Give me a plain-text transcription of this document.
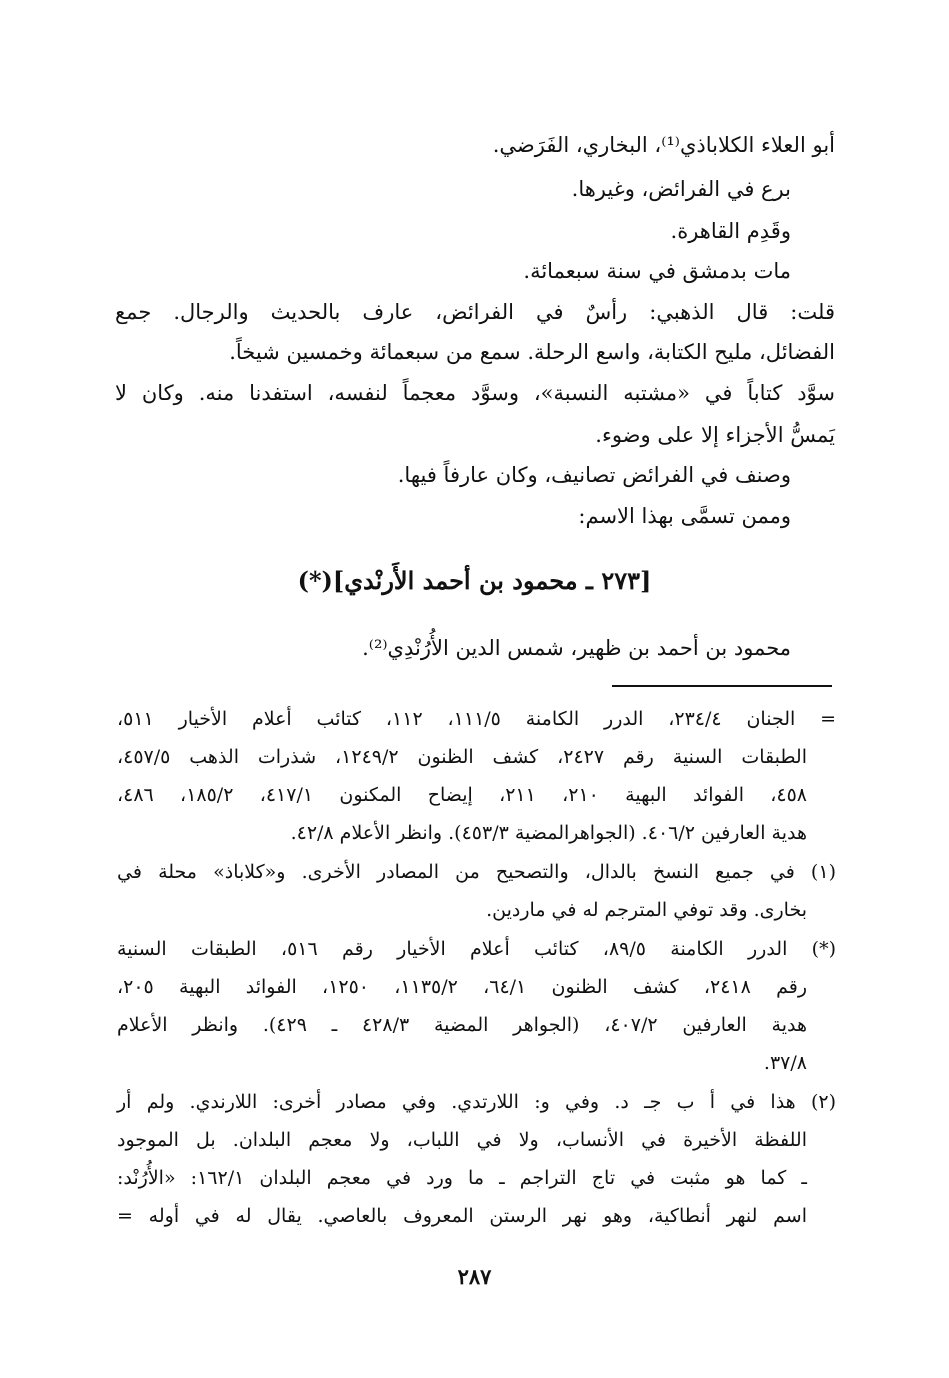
أبو العلاء الكلاباذي⁽¹⁾، البخاري، الفَرَضي.
برع في الفرائض، وغيرها.
وقَدِم القاهرة.
مات بدمشق في سنة سبعمائة.
قلت: قال الذهبي: رأسٌ في الفرائض، عارف بالحديث والرجال. جمع
الفضائل، مليح الكتابة، واسع الرحلة. سمع من سبعمائة وخمسين شيخاً.
سوَّد كتاباً في «مشتبه النسبة»، وسوَّد معجماً لنفسه، استفدنا منه. وكان لا
يَمسُّ الأجزاء إلا على وضوء.
وصنف في الفرائض تصانيف، وكان عارفاً فيها.
وممن تسمَّى بهذا الاسم:
[٢٧٣ ـ محمود بن أحمد الأَرنْدي](*)
محمود بن أحمد بن ظهير، شمس الدين الأُرُنْدِي⁽²⁾.
= الجنان ٢٣٤/٤، الدرر الكامنة ١١١/٥، ١١٢، كتائب أعلام الأخيار ٥١١،
الطبقات السنية رقم ٢٤٢٧، كشف الظنون ١٢٤٩/٢، شذرات الذهب ٤٥٧/٥،
٤٥٨، الفوائد البهية ٢١٠، ٢١١، إيضاح المكنون ٤١٧/١، ١٨٥/٢، ٤٨٦،
هدية العارفين ٤٠٦/٢. (الجواهرالمضية ٤٥٣/٣). وانظر الأعلام ٤٢/٨.
(١) في جميع النسخ بالدال، والتصحيح من المصادر الأخرى. و«كلاباذ» محلة في
بخارى. وقد توفي المترجم له في ماردين.
(*) الدرر الكامنة ٨٩/٥، كتائب أعلام الأخيار رقم ٥١٦، الطبقات السنية
رقم ٢٤١٨، كشف الظنون ٦٤/١، ١١٣٥/٢، ١٢٥٠، الفوائد البهية ٢٠٥،
هدية العارفين ٤٠٧/٢، (الجواهر المضية ٤٢٨/٣ ـ ٤٢٩). وانظر الأعلام
٣٧/٨.
(٢) هذا في أ ب جـ د. وفي و: اللارتدي. وفي مصادر أخرى: اللارندي. ولم أر
اللفظة الأخيرة في الأنساب، ولا في اللباب، ولا معجم البلدان. بل الموجود
ـ كما هو مثبت في تاج التراجم ـ ما ورد في معجم البلدان ١٦٢/١: «الأُرُنْد:
اسم لنهر أنطاكية، وهو نهر الرستن المعروف بالعاصي. يقال له في أوله =
٢٨٧
